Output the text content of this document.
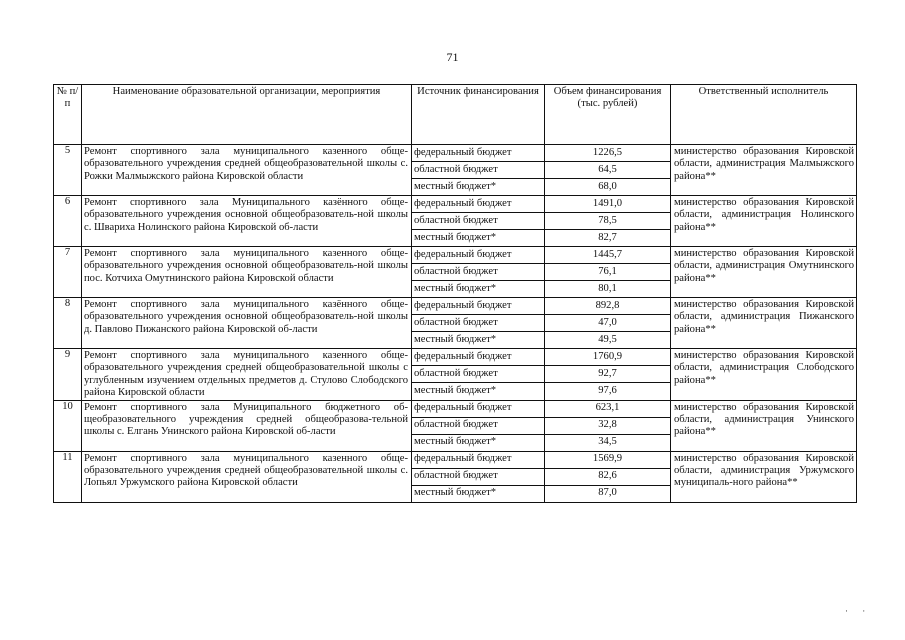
71
№ п/п	Наименование образовательной организации, мероприятия	Источник финансирования	Объем финансирования (тыс. рублей)	Ответственный исполнитель
5	Ремонт спортивного зала муниципального казенного обще-образовательного учреждения средней общеобразовательной школы с. Рожки Малмыжского района Кировской области	федеральный бюджет	1226,5	министерство образования Кировской области, администрация Малмыжского района**
		областной бюджет	64,5	
		местный бюджет*	68,0	
6	Ремонт спортивного зала Муниципального казённого обще-образовательного учреждения основной общеобразователь-ной школы с. Швариха Нолинского района Кировской об-ласти	федеральный бюджет	1491,0	министерство образования Кировской области, администрация Нолинского района**
		областной бюджет	78,5	
		местный бюджет*	82,7	
7	Ремонт спортивного зала муниципального казенного обще-образовательного учреждения основной общеобразователь-ной школы пос. Котчиха Омутнинского района Кировской области	федеральный бюджет	1445,7	министерство образования Кировской области, администрация Омутнинского района**
		областной бюджет	76,1	
		местный бюджет*	80,1	
8	Ремонт спортивного зала муниципального казённого обще-образовательного учреждения основной общеобразователь-ной школы д. Павлово Пижанского района Кировской об-ласти	федеральный бюджет	892,8	министерство образования Кировской области, администрация Пижанского района**
		областной бюджет	47,0	
		местный бюджет*	49,5	
9	Ремонт спортивного зала муниципального казенного обще-образовательного учреждения средней общеобразовательной школы с углубленным изучением отдельных предметов д. Стулово Слободского района Кировской области	федеральный бюджет	1760,9	министерство образования Кировской области, администрация Слободского района**
		областной бюджет	92,7	
		местный бюджет*	97,6	
10	Ремонт спортивного зала Муниципального бюджетного об-щеобразовательного учреждения средней общеобразова-тельной школы с. Елгань Унинского района Кировской об-ласти	федеральный бюджет	623,1	министерство образования Кировской области, администрация Унинского района**
		областной бюджет	32,8	
		местный бюджет*	34,5	
11	Ремонт спортивного зала муниципального казенного обще-образовательного учреждения средней общеобразовательной школы с. Лопьял Уржумского района Кировской области	федеральный бюджет	1569,9	министерство образования Кировской области, администрация Уржумского муниципаль-ного района**
		областной бюджет	82,6	
		местный бюджет*	87,0	
· ·
